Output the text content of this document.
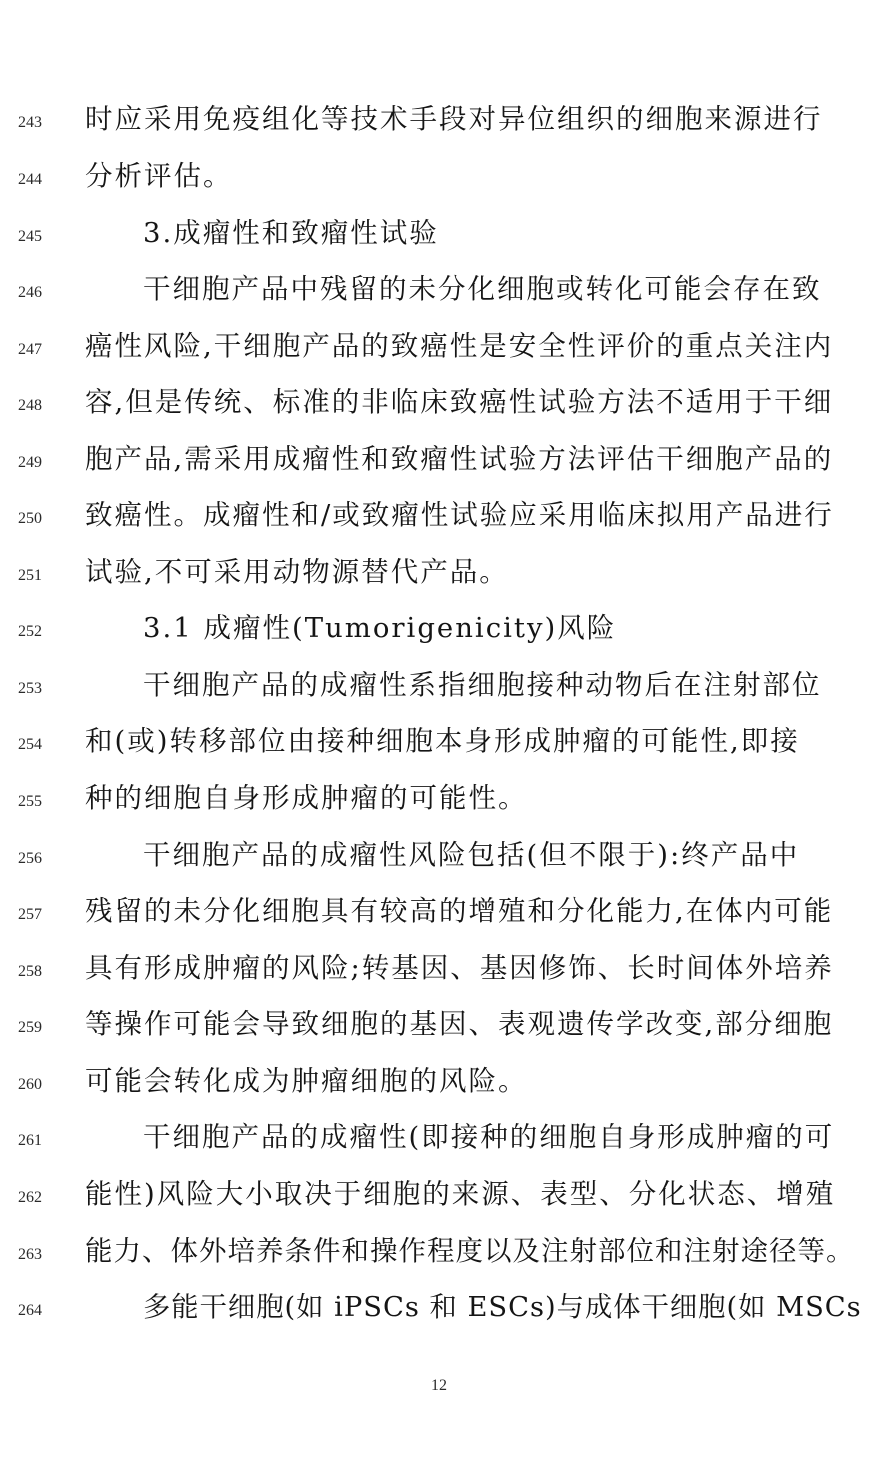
243	时应采用免疫组化等技术手段对异位组织的细胞来源进行
244	分析评估。
245	3.成瘤性和致瘤性试验
246	干细胞产品中残留的未分化细胞或转化可能会存在致
247	癌性风险,干细胞产品的致癌性是安全性评价的重点关注内
248	容,但是传统、标准的非临床致癌性试验方法不适用于干细
249	胞产品,需采用成瘤性和致瘤性试验方法评估干细胞产品的
250	致癌性。成瘤性和/或致瘤性试验应采用临床拟用产品进行
251	试验,不可采用动物源替代产品。
252	3.1 成瘤性(Tumorigenicity)风险
253	干细胞产品的成瘤性系指细胞接种动物后在注射部位
254	和(或)转移部位由接种细胞本身形成肿瘤的可能性,即接
255	种的细胞自身形成肿瘤的可能性。
256	干细胞产品的成瘤性风险包括(但不限于):终产品中
257	残留的未分化细胞具有较高的增殖和分化能力,在体内可能
258	具有形成肿瘤的风险;转基因、基因修饰、长时间体外培养
259	等操作可能会导致细胞的基因、表观遗传学改变,部分细胞
260	可能会转化成为肿瘤细胞的风险。
261	干细胞产品的成瘤性(即接种的细胞自身形成肿瘤的可
262	能性)风险大小取决于细胞的来源、表型、分化状态、增殖
263	能力、体外培养条件和操作程度以及注射部位和注射途径等。
264	多能干细胞(如 iPSCs 和 ESCs)与成体干细胞(如 MSCs
12
